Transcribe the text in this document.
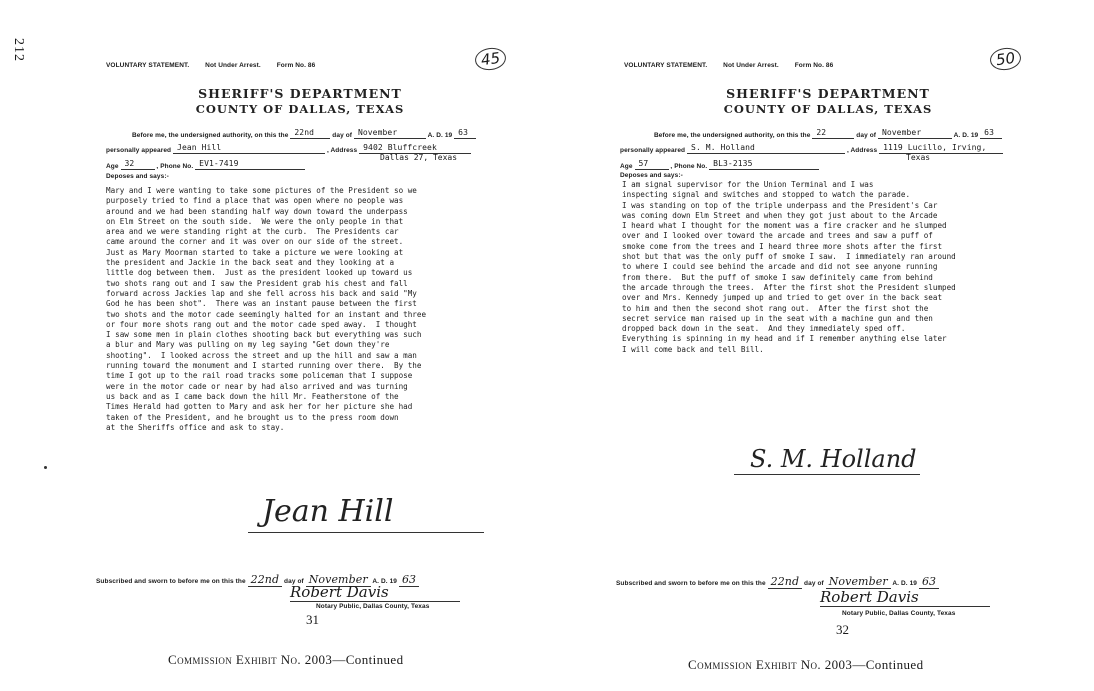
212
VOLUNTARY STATEMENT. Not Under Arrest. Form No. 86	45
SHERIFF'S DEPARTMENT
COUNTY OF DALLAS, TEXAS
Before me, the undersigned authority, on this the 22nd	day of November	A. D. 19 63
personally appeared Jean Hill	, Address 9402 Bluffcreek
Dallas 27, Texas
Age 32	, Phone No. EV1-7419
Deposes and says:-
Mary and I were wanting to take some pictures of the President so we
purposely tried to find a place that was open where no people was
around and we had been standing half way down toward the underpass
on Elm Street on the south side.  We were the only people in that
area and we were standing right at the curb.  The Presidents car
came around the corner and it was over on our side of the street.
Just as Mary Moorman started to take a picture we were looking at
the president and Jackie in the back seat and they looking at a
little dog between them.  Just as the president looked up toward us
two shots rang out and I saw the President grab his chest and fall
forward across Jackies lap and she fell across his back and said "My
God he has been shot".  There was an instant pause between the first
two shots and the motor cade seemingly halted for an instant and three
or four more shots rang out and the motor cade sped away.  I thought
I saw some men in plain clothes shooting back but everything was such
a blur and Mary was pulling on my leg saying "Get down they're
shooting".  I looked across the street and up the hill and saw a man
running toward the monument and I started running over there.  By the
time I got up to the rail road tracks some policeman that I suppose
were in the motor cade or near by had also arrived and was turning
us back and as I came back down the hill Mr. Featherstone of the
Times Herald had gotten to Mary and ask her for her picture she had
taken of the President, and he brought us to the press room down
at the Sheriffs office and ask to stay.
Jean Hill
Subscribed and sworn to before me on this the 22nd day of November A. D. 19 63
Robert Davis
Notary Public, Dallas County, Texas
31
Commission Exhibit No. 2003—Continued
VOLUNTARY STATEMENT. Not Under Arrest. Form No. 86	50
SHERIFF'S DEPARTMENT
COUNTY OF DALLAS, TEXAS
Before me, the undersigned authority, on this the 22	day of November	A. D. 19 63
personally appeared S. M. Holland	, Address 1119 Lucillo, Irving,
Texas
Age 57	, Phone No. BL3-2135
Deposes and says:-
I am signal supervisor for the Union Terminal and I was
inspecting signal and switches and stopped to watch the parade.
I was standing on top of the triple underpass and the President's Car
was coming down Elm Street and when they got just about to the Arcade
I heard what I thought for the moment was a fire cracker and he slumped
over and I looked over toward the arcade and trees and saw a puff of
smoke come from the trees and I heard three more shots after the first
shot but that was the only puff of smoke I saw.  I immediately ran around
to where I could see behind the arcade and did not see anyone running
from there.  But the puff of smoke I saw definitely came from behind
the arcade through the trees.  After the first shot the President slumped
over and Mrs. Kennedy jumped up and tried to get over in the back seat
to him and then the second shot rang out.  After the first shot the
secret service man raised up in the seat with a machine gun and then
dropped back down in the seat.  And they immediately sped off.
Everything is spinning in my head and if I remember anything else later
I will come back and tell Bill.
S. M. Holland
Subscribed and sworn to before me on this the 22nd day of November A. D. 19 63
Robert Davis
Notary Public, Dallas County, Texas
32
Commission Exhibit No. 2003—Continued
